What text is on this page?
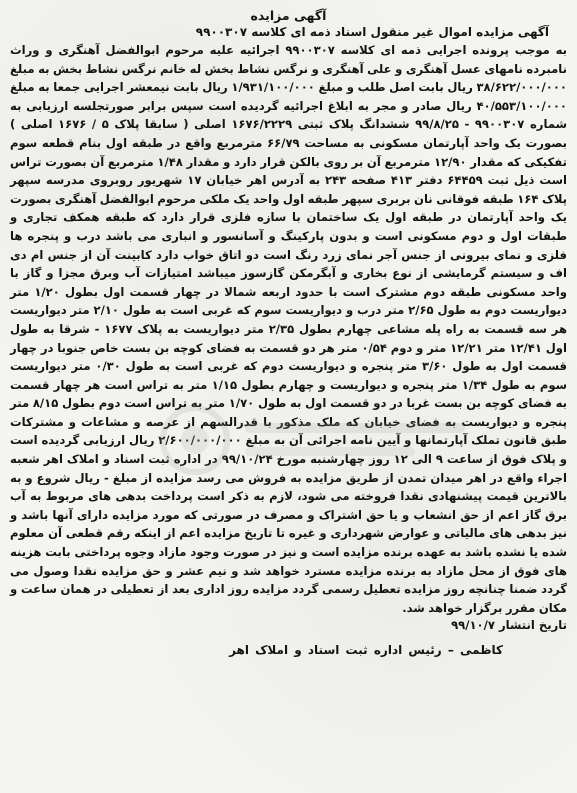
آگهی مزایده
آگهی مزایده اموال غیر منقول اسناد ذمه ای کلاسه ۹۹۰۰۳۰۷

به موجب پرونده اجرایی ذمه ای کلاسه ۹۹۰۰۳۰۷ اجرائیه علیه مرحوم ابوالفضل آهنگری و وراث نامبرده نامهای عسل آهنگری و علی آهنگری و نرگس نشاط بخش له خانم نرگس نشاط بخش به مبلغ ۳۸/۶۲۲/۰۰۰/۰۰۰ ریال بابت اصل طلب و مبلغ ۱/۹۳۱/۱۰۰/۰۰۰ ریال بابت نیمعشر اجرایی جمعا به مبلغ ۴۰/۵۵۳/۱۰۰/۰۰۰ ریال صادر و مجر به ابلاغ اجرائیه گردیده است سپس برابر صورتجلسه ارزیابی به شماره ۹۹۰۰۳۰۷ - ۹۹/۸/۲۵ ششدانگ پلاک ثبتی ۱۶۷۶/۲۲۲۹ اصلی ( سابقا پلاک ۵ / ۱۶۷۶ اصلی ) بصورت یک واحد آپارتمان مسکونی به مساحت ۶۶/۷۹ مترمربع واقع در طبقه اول بنام قطعه سوم تفکیکی که مقدار ۱۲/۹۰ مترمربع آن بر روی بالکن قرار دارد و مقدار ۱/۴۸ مترمربع آن بصورت تراس است ذیل ثبت ۶۴۴۵۹ دفتر ۴۱۳ صفحه ۲۴۳ به آدرس اهر خیابان ۱۷ شهریور روبروی مدرسه سپهر پلاک ۱۶۴ طبقه فوقانی نان بربری سپهر طبقه اول واحد یک ملکی مرحوم ابوالفضل آهنگری بصورت یک واحد آپارتمان در طبقه اول یک ساختمان با سازه فلزی قرار دارد که طبقه همکف تجاری و طبقات اول و دوم مسکونی است و بدون پارکینگ و آسانسور و انباری می باشد درب و پنجره ها فلزی و نمای بیرونی از جنس آجر نمای زرد رنگ است دو اتاق خواب دارد کابینت آن از جنس ام دی اف و سیستم گرمایشی از نوع بخاری و آبگرمکن گازسوز میباشد امتیازات آب وبرق مجزا و گاز با واحد مسکونی طبقه دوم مشترک است با حدود اربعه شمالا در چهار قسمت اول بطول ۱/۲۰ متر دیواریست دوم به طول ۲/۶۵ متر درب و دیواریست سوم که غربی است به طول ۲/۱۰ متر دیواریست هر سه قسمت به راه پله مشاعی چهارم بطول ۲/۳۵ متر دیواریست به پلاک ۱۶۷۷ - شرقا به طول اول ۱۲/۴۱ متر ۱۲/۲۱ متر و دوم ۰/۵۴ متر هر دو قسمت به فضای کوچه بن بست خاص جنوبا در چهار قسمت اول به طول ۳/۶۰ متر پنجره و دیواریست دوم که غربی است به طول ۰/۳۰ متر دیواریست سوم به طول ۱/۳۴ متر پنجره و دیواریست و چهارم بطول ۱/۱۵ متر به تراس است هر چهار قسمت به فضای کوچه بن بست غربا در دو قسمت اول به طول ۱/۷۰ متر به تراس است دوم بطول ۸/۱۵ متر پنجره و دیواریست به فضای خیابان که ملک مذکور با قدرالسهم از عرصه و مشاعات و مشترکات طبق قانون تملک آپارتمانها و آیین نامه اجرائی آن به مبلغ ۲/۶۰۰/۰۰۰/۰۰۰ ریال ارزیابی گردیده است و پلاک فوق از ساعت ۹ الی ۱۲ روز چهارشنبه مورخ ۹۹/۱۰/۲۴ در اداره ثبت اسناد و املاک اهر شعبه اجراء واقع در اهر میدان تمدن از طریق مزایده به فروش می رسد مزایده از مبلغ - ریال شروع و به بالاترین قیمت پیشنهادی نقدا فروخته می شود، لازم به ذکر است پرداخت بدهی های مربوط به آب برق گاز اعم از حق انشعاب و یا حق اشتراک و مصرف در صورتی که مورد مزایده دارای آنها باشد و نیز بدهی های مالیاتی و عوارض شهرداری و غیره تا تاریخ مزایده اعم از اینکه رقم قطعی آن معلوم شده یا نشده باشد به عهده برنده مزایده است و نیز در صورت وجود مازاد وجوه پرداختی بابت هزینه های فوق از محل مازاد به برنده مزایده مسترد خواهد شد و نیم عشر و حق مزایده نقدا وصول می گردد ضمنا چنانچه روز مزایده تعطیل رسمی گردد مزایده روز اداری بعد از تعطیلی در همان ساعت و مکان مقرر برگزار خواهد شد.

تاریخ انتشار ۹۹/۱۰/۷
کاظمی – رئیس اداره ثبت اسناد و املاک اهر
